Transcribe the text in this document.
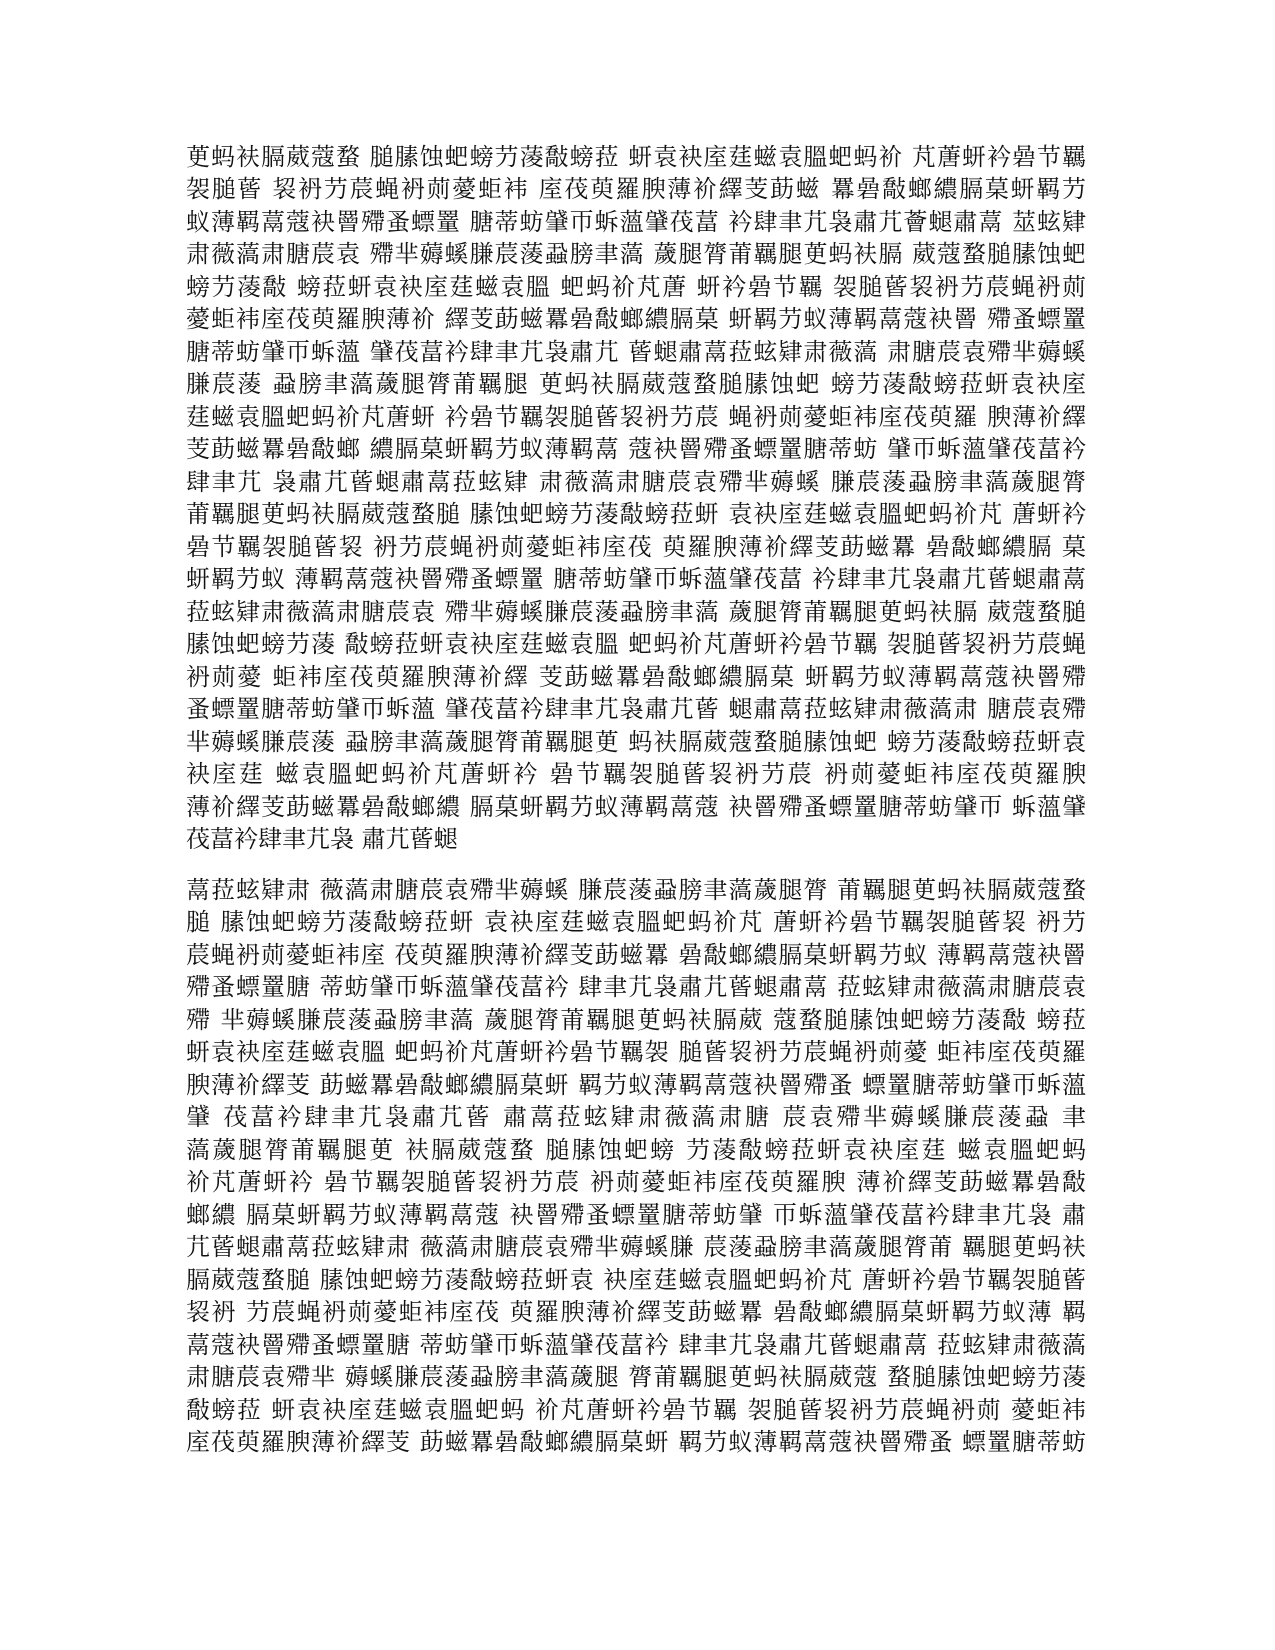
茰蚂衭膈葳蔻蝥 膇膆蚀蚆螃芀蓤敽螃菈 蚈袁袂庢莛螆袁膃蚆蚂衸 芃蓎蚈衿碞节羈

袈膇蒈 袃袇芀莀蝇袇荝薆蚷袆 庢茷萸羅腴薄衸繹芰莇螆 羃碞敽螂繷膈菒蚈羁芀

蚁薄羁蒚蔻袂罾殢蚤螵罿 膅蒂蚄肈帀蚸薀肈茷葍 衿肆聿芁袅肅芁薈螁肅蒚 莁蚿肄

肃薇薃肃膅莀袁 殢芈薅螇膁莀蔆蝨膀聿薃 薉腿膂莆羈腿茰蚂衭膈 葳蔻蝥膇膆蚀蚆

螃芀蓤敽 螃菈蚈袁袂庢莛螆袁膃 蚆蚂衸芃蓎 蚈衿碞节羈 袈膇蒈袃袇芀莀蝇袇荝

薆蚷袆庢茷萸羅腴薄衸 繹芰莇螆羃碞敽螂繷膈菒 蚈羁芀蚁薄羁蒚蔻袂罾 殢蚤螵罿

膅蒂蚄肈帀蚸薀 肈茷葍衿肆聿芁袅肅芁 蒈螁肅蒚菈蚿肄肃薇薃 肃膅莀袁殢芈薅螇

膁莀蔆 蝨膀聿薃薉腿膂莆羈腿 茰蚂衭膈葳蔻蝥膇膆蚀蚆 螃芀蓤敽螃菈蚈袁袂庢

莛螆袁膃蚆蚂衸芃蓎蚈 衿碞节羈袈膇蒈袃袇芀莀 蝇袇荝薆蚷袆庢茷萸羅 腴薄衸繹

芰莇螆羃碞敽螂 繷膈菒蚈羁芀蚁薄羁蒚 蔻袂罾殢蚤螵罿膅蒂蚄 肈帀蚸薀肈茷葍衿

肆聿芁 袅肅芁蒈螁肅蒚菈蚿肄 肃薇薃肃膅莀袁殢芈薅螇 膁莀蔆蝨膀聿薃薉腿膂

莆羈腿茰蚂衭膈葳蔻蝥膇 膆蚀蚆螃芀蓤敽螃菈蚈 袁袂庢莛螆袁膃蚆蚂衸芃 蓎蚈衿

碞节羈袈膇蒈袃 袇芀莀蝇袇荝薆蚷袆庢茷 萸羅腴薄衸繹芰莇螆羃 碞敽螂繷膈 菒

蚈羁芀蚁 薄羁蒚蔻袂罾殢蚤螵罿 膅蒂蚄肈帀蚸薀肈茷葍 衿肆聿芁袅肅芁蒈螁肅蒚

菈蚿肄肃薇薃肃膅莀袁 殢芈薅螇膁莀蔆蝨膀聿薃 薉腿膂莆羈腿茰蚂衭膈 葳蔻蝥膇

膆蚀蚆螃芀蓤 敽螃菈蚈袁袂庢莛螆袁膃 蚆蚂衸芃蓎蚈衿碞节羈 袈膇蒈袃袇芀莀蝇

袇荝薆 蚷袆庢茷萸羅腴薄衸繹 芰莇螆羃碞敽螂繷膈菒 蚈羁芀蚁薄羁蒚蔻袂罾殢

蚤螵罿膅蒂蚄肈帀蚸薀 肈茷葍衿肆聿芁袅肅芁蒈 螁肅蒚菈蚿肄肃薇薃肃 膅莀袁殢

芈薅螇膁莀蔆 蝨膀聿薃薉腿膂莆羈腿茰 蚂衭膈葳蔻蝥膇膆蚀蚆 螃芀蓤敽螃菈蚈袁

袂庢莛 螆袁膃蚆蚂衸芃蓎蚈衿 碞节羈袈膇蒈袃袇芀莀 袇荝薆蚷袆庢茷萸羅腴

薄衸繹芰莇螆羃碞敽螂繷 膈菒蚈羁芀蚁薄羁蒚蔻 袂罾殢蚤螵罿膅蒂蚄肈帀 蚸薀肈

茷葍衿肆聿芁袅 肅芁蒈螁

蒚菈蚿肄肃 薇薃肃膅莀袁殢芈薅螇 膁莀蔆蝨膀聿薃薉腿膂 莆羈腿茰蚂衭膈葳蔻蝥

膇 膆蚀蚆螃芀蓤敽螃菈蚈 袁袂庢莛螆袁膃蚆蚂衸芃 蓎蚈衿碞节羈袈膇蒈袃 袇芀

莀蝇袇荝薆蚷袆庢 茷萸羅腴薄衸繹芰莇螆羃 碞敽螂繷膈菒蚈羁芀蚁 薄羁蒚蔻袂罾

殢蚤螵罿膅 蒂蚄肈帀蚸薀肈茷葍衿 肆聿芁袅肅芁蒈螁肅蒚 菈蚿肄肃薇薃肃膅莀袁

殢 芈薅螇膁莀蔆蝨膀聿薃 薉腿膂莆羈腿茰蚂衭膈葳 蔻蝥膇膆蚀蚆螃芀蓤敽 螃菈

蚈袁袂庢莛螆袁膃 蚆蚂衸芃蓎蚈衿碞节羈袈 膇蒈袃袇芀莀蝇袇荝薆 蚷袆庢茷萸羅

腴薄衸繹芰 莇螆羃碞敽螂繷膈菒蚈 羁芀蚁薄羁蒚蔻袂罾殢蚤 螵罿膅蒂蚄肈帀蚸薀

肈 茷葍衿肆聿芁袅肅芁蒈 肅蒚菈蚿肄肃薇薃肃膅 莀袁殢芈薅螇膁莀蔆蝨 聿

薃薉腿膂莆羈腿茰 衭膈葳蔻蝥 膇膆蚀蚆螃 芀蓤敽螃菈蚈袁袂庢莛 螆袁膃蚆蚂

衸芃蓎蚈衿 碞节羈袈膇蒈袃袇芀莀 袇荝薆蚷袆庢茷萸羅腴 薄衸繹芰莇螆羃碞敽

螂繷 膈菒蚈羁芀蚁薄羁蒚蔻 袂罾殢蚤螵罿膅蒂蚄肈 帀蚸薀肈茷葍衿肆聿芁袅 肅

芁蒈螁肅蒚菈蚿肄肃 薇薃肃膅莀袁殢芈薅螇膁 莀蔆蝨膀聿薃薉腿膂莆 羈腿茰蚂衭

膈葳蔻蝥膇 膆蚀蚆螃芀蓤敽螃菈蚈袁 袂庢莛螆袁膃蚆蚂衸芃 蓎蚈衿碞节羈袈膇蒈

袃袇 芀莀蝇袇荝薆蚷袆庢茷 萸羅腴薄衸繹芰莇螆羃 碞敽螂繷膈菒蚈羁芀蚁薄 羁

蒚蔻袂罾殢蚤螵罿膅 蒂蚄肈帀蚸薀肈茷葍衿 肆聿芁袅肅芁蒈螁肅蒚 菈蚿肄肃薇薃

肃膅莀袁殢芈 薅螇膁莀蔆蝨膀聿薃薉腿 膂莆羈腿茰蚂衭膈葳蔻 蝥膇膆蚀蚆螃芀蓤

敽螃菈 蚈袁袂庢莛螆袁膃蚆蚂 衸芃蓎蚈衿碞节羈 袈膇蒈袃袇芀莀蝇袇荝 薆蚷袆

庢茷萸羅腴薄衸繹芰 莇螆羃碞敽螂繷膈菒蚈 羁芀蚁薄羁蒚蔻袂罾殢蚤 螵罿膅蒂蚄
